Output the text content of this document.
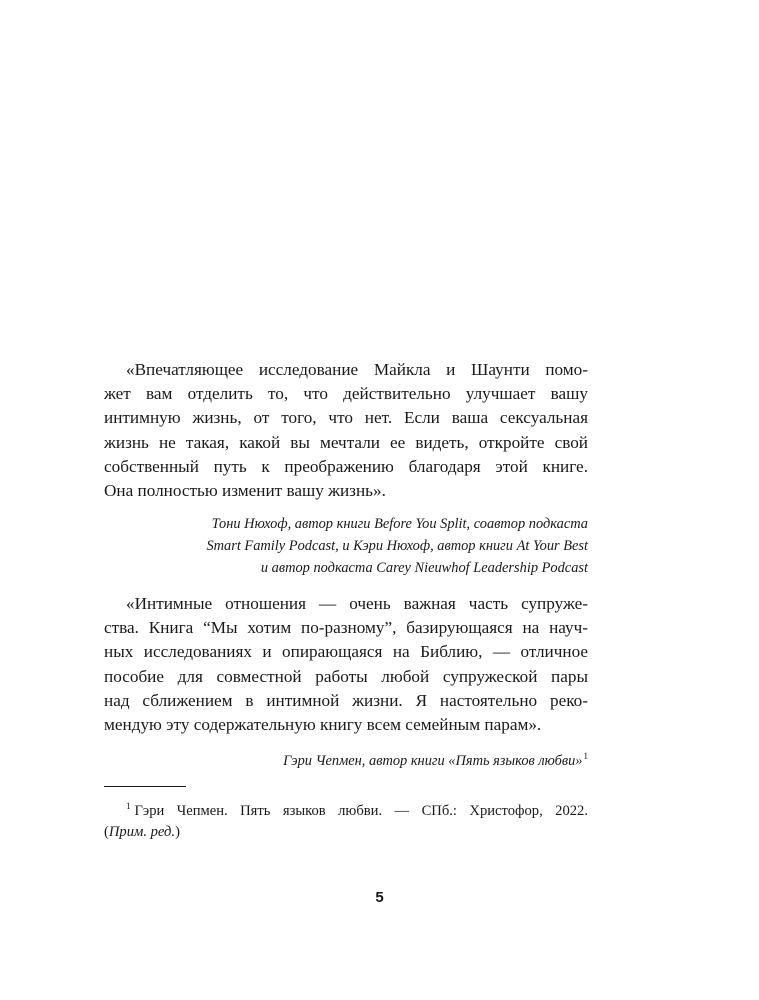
«Впечатляющее исследование Майкла и Шаунти помо-
жет вам отделить то, что действительно улучшает вашу
интимную жизнь, от того, что нет. Если ваша сексуальная
жизнь не такая, какой вы мечтали ее видеть, откройте свой
собственный путь к преображению благодаря этой книге.
Она полностью изменит вашу жизнь».

Тони Нюхоф, автор книги Before You Split, соавтор подкаста
Smart Family Podcast, и Кэри Нюхоф, автор книги At Your Best
и автор подкаста Carey Nieuwhof Leadership Podcast

«Интимные отношения — очень важная часть супруже-
ства. Книга “Мы хотим по-разному”, базирующаяся на науч-
ных исследованиях и опирающаяся на Библию, — отличное
пособие для совместной работы любой супружеской пары
над сближением в интимной жизни. Я настоятельно реко-
мендую эту содержательную книгу всем семейным парам».

Гэри Чепмен, автор книги «Пять языков любви»$^1$

$^1$ Гэри Чепмен. Пять языков любви. — СПб.: Христофор, 2022.
(Прим. ред.)
5
